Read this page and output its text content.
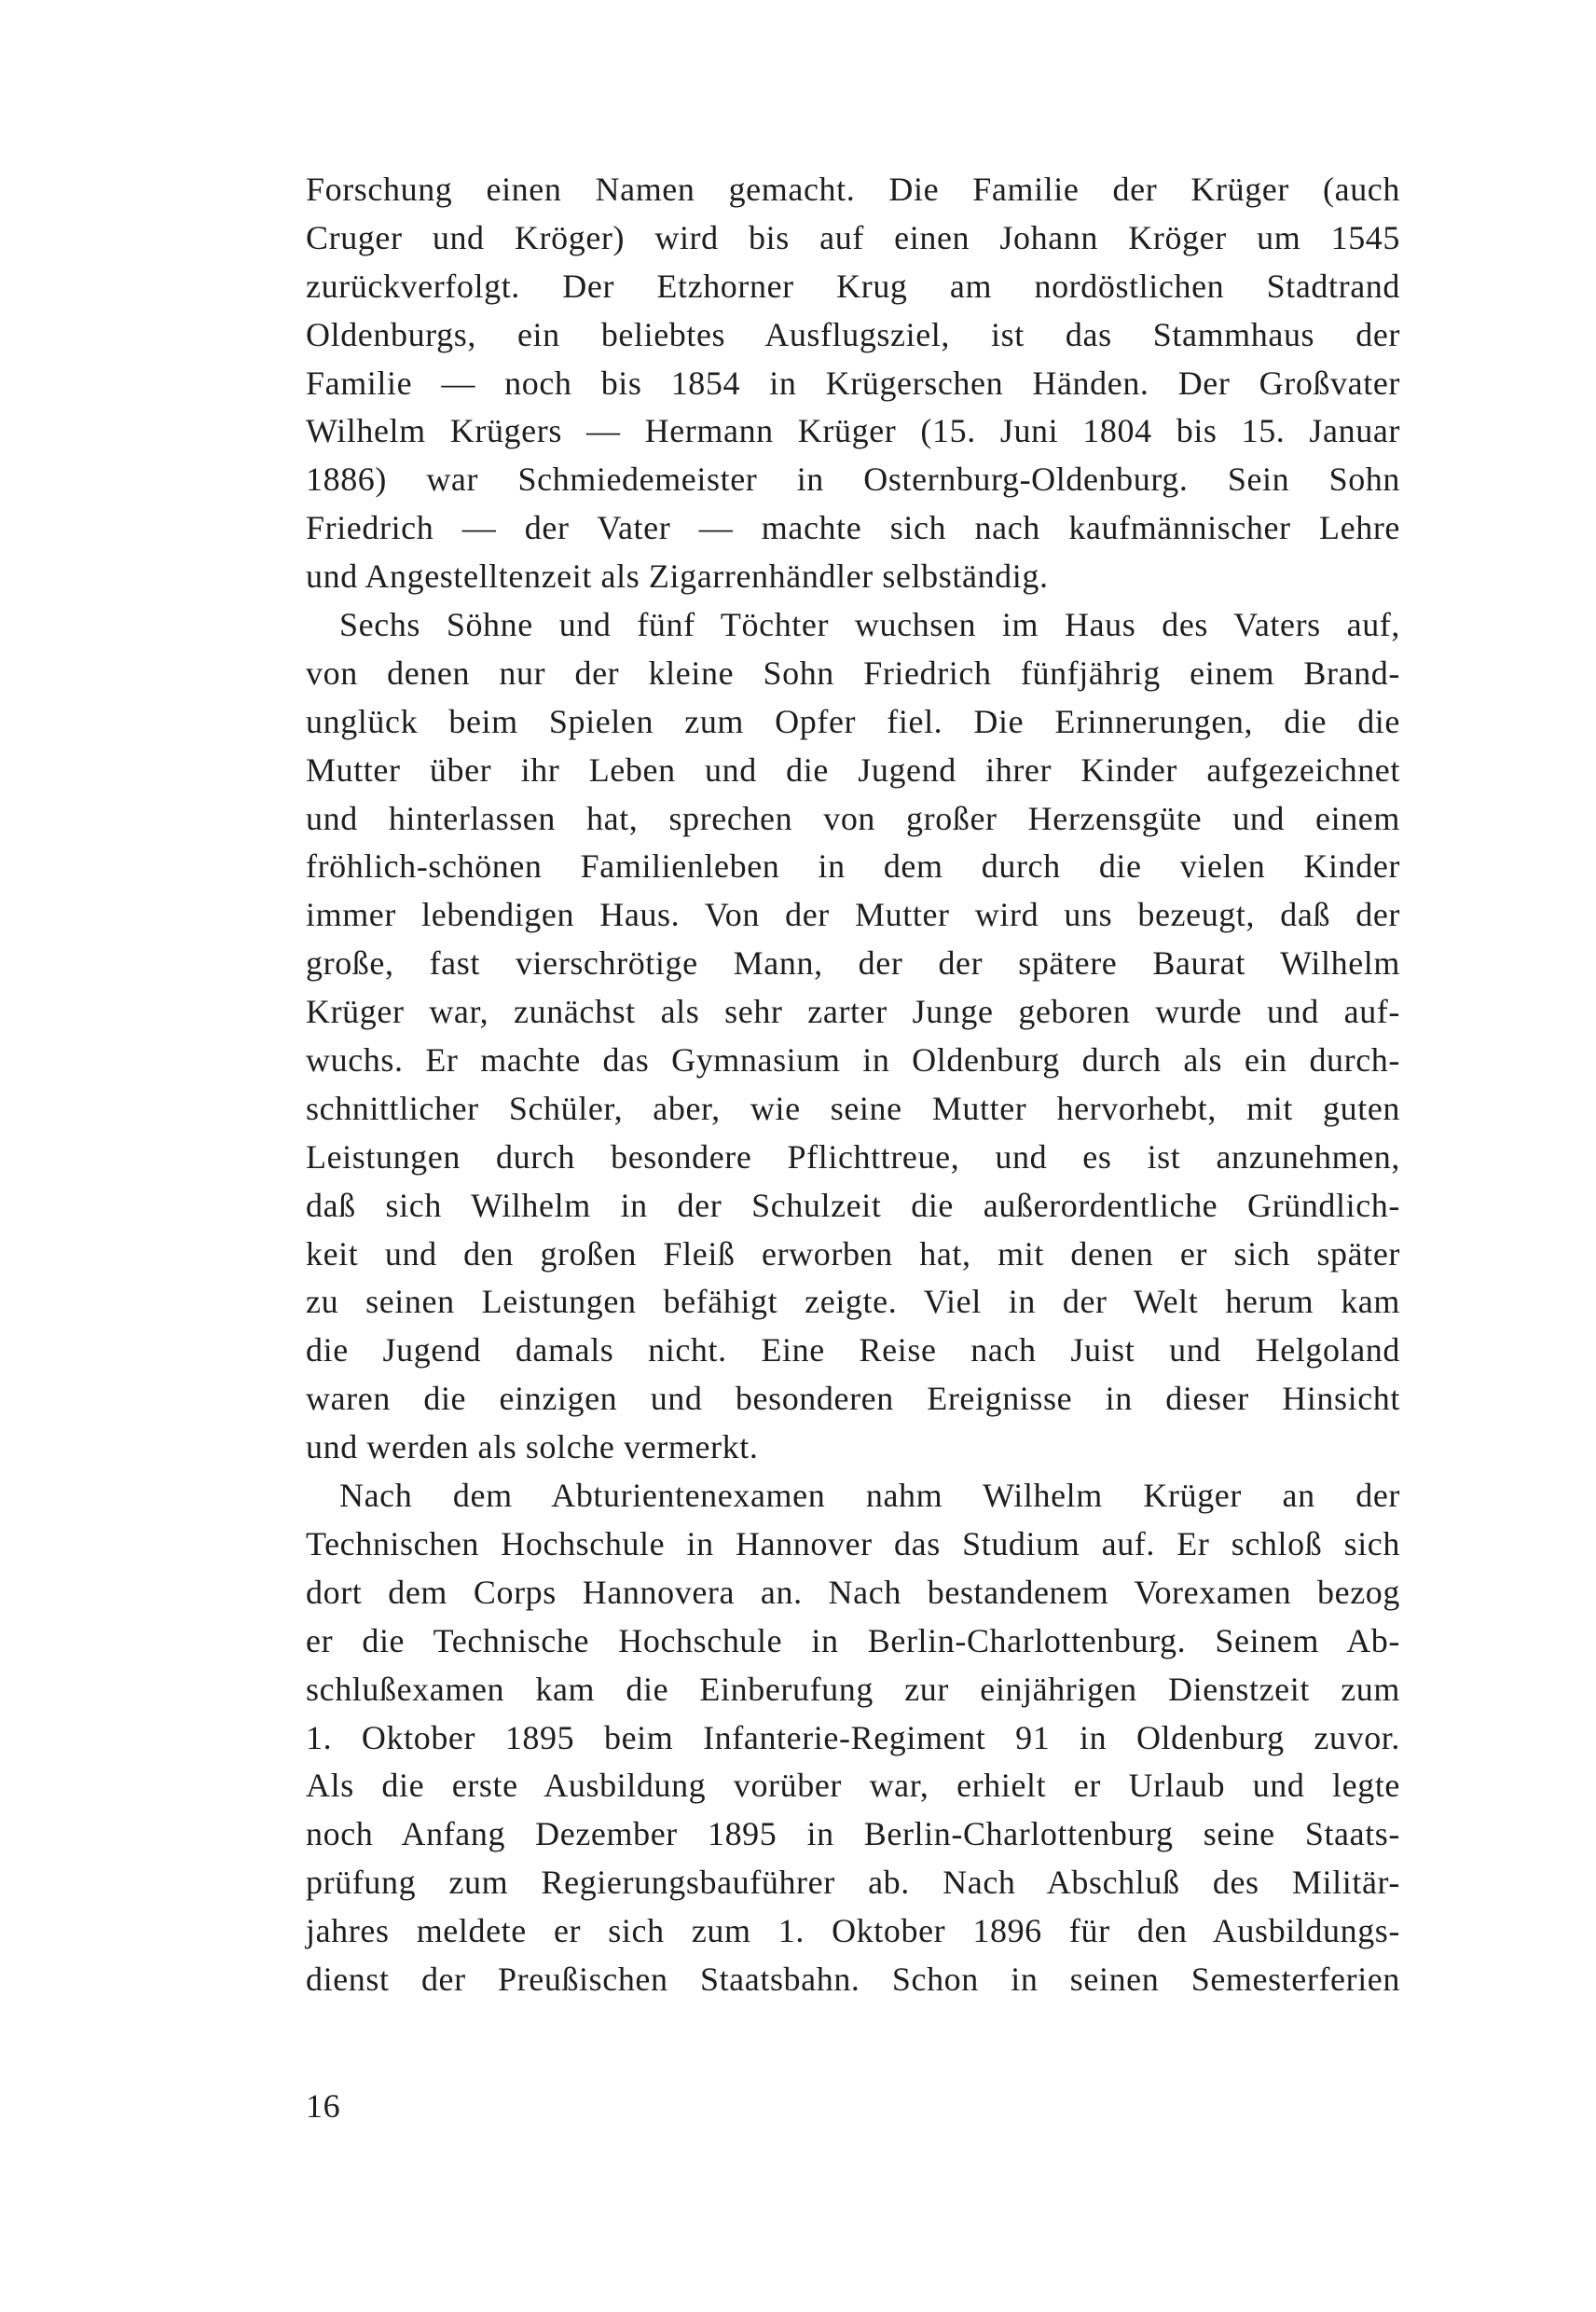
Forschung einen Namen gemacht. Die Familie der Krüger (auch
Cruger und Kröger) wird bis auf einen Johann Kröger um 1545
zurückverfolgt. Der Etzhorner Krug am nordöstlichen Stadtrand
Oldenburgs, ein beliebtes Ausflugsziel, ist das Stammhaus der
Familie — noch bis 1854 in Krügerschen Händen. Der Großvater
Wilhelm Krügers — Hermann Krüger (15. Juni 1804 bis 15. Januar
1886) war Schmiedemeister in Osternburg-Oldenburg. Sein Sohn
Friedrich — der Vater — machte sich nach kaufmännischer Lehre
und Angestelltenzeit als Zigarrenhändler selbständig.

Sechs Söhne und fünf Töchter wuchsen im Haus des Vaters auf,
von denen nur der kleine Sohn Friedrich fünfjährig einem Brand-
unglück beim Spielen zum Opfer fiel. Die Erinnerungen, die die
Mutter über ihr Leben und die Jugend ihrer Kinder aufgezeichnet
und hinterlassen hat, sprechen von großer Herzensgüte und einem
fröhlich-schönen Familienleben in dem durch die vielen Kinder
immer lebendigen Haus. Von der Mutter wird uns bezeugt, daß der
große, fast vierschrötige Mann, der der spätere Baurat Wilhelm
Krüger war, zunächst als sehr zarter Junge geboren wurde und auf-
wuchs. Er machte das Gymnasium in Oldenburg durch als ein durch-
schnittlicher Schüler, aber, wie seine Mutter hervorhebt, mit guten
Leistungen durch besondere Pflichttreue, und es ist anzunehmen,
daß sich Wilhelm in der Schulzeit die außerordentliche Gründlich-
keit und den großen Fleiß erworben hat, mit denen er sich später
zu seinen Leistungen befähigt zeigte. Viel in der Welt herum kam
die Jugend damals nicht. Eine Reise nach Juist und Helgoland
waren die einzigen und besonderen Ereignisse in dieser Hinsicht
und werden als solche vermerkt.

Nach dem Abturientenexamen nahm Wilhelm Krüger an der
Technischen Hochschule in Hannover das Studium auf. Er schloß sich
dort dem Corps Hannovera an. Nach bestandenem Vorexamen bezog
er die Technische Hochschule in Berlin-Charlottenburg. Seinem Ab-
schlußexamen kam die Einberufung zur einjährigen Dienstzeit zum
1. Oktober 1895 beim Infanterie-Regiment 91 in Oldenburg zuvor.
Als die erste Ausbildung vorüber war, erhielt er Urlaub und legte
noch Anfang Dezember 1895 in Berlin-Charlottenburg seine Staats-
prüfung zum Regierungsbauführer ab. Nach Abschluß des Militär-
jahres meldete er sich zum 1. Oktober 1896 für den Ausbildungs-
dienst der Preußischen Staatsbahn. Schon in seinen Semesterferien

16
